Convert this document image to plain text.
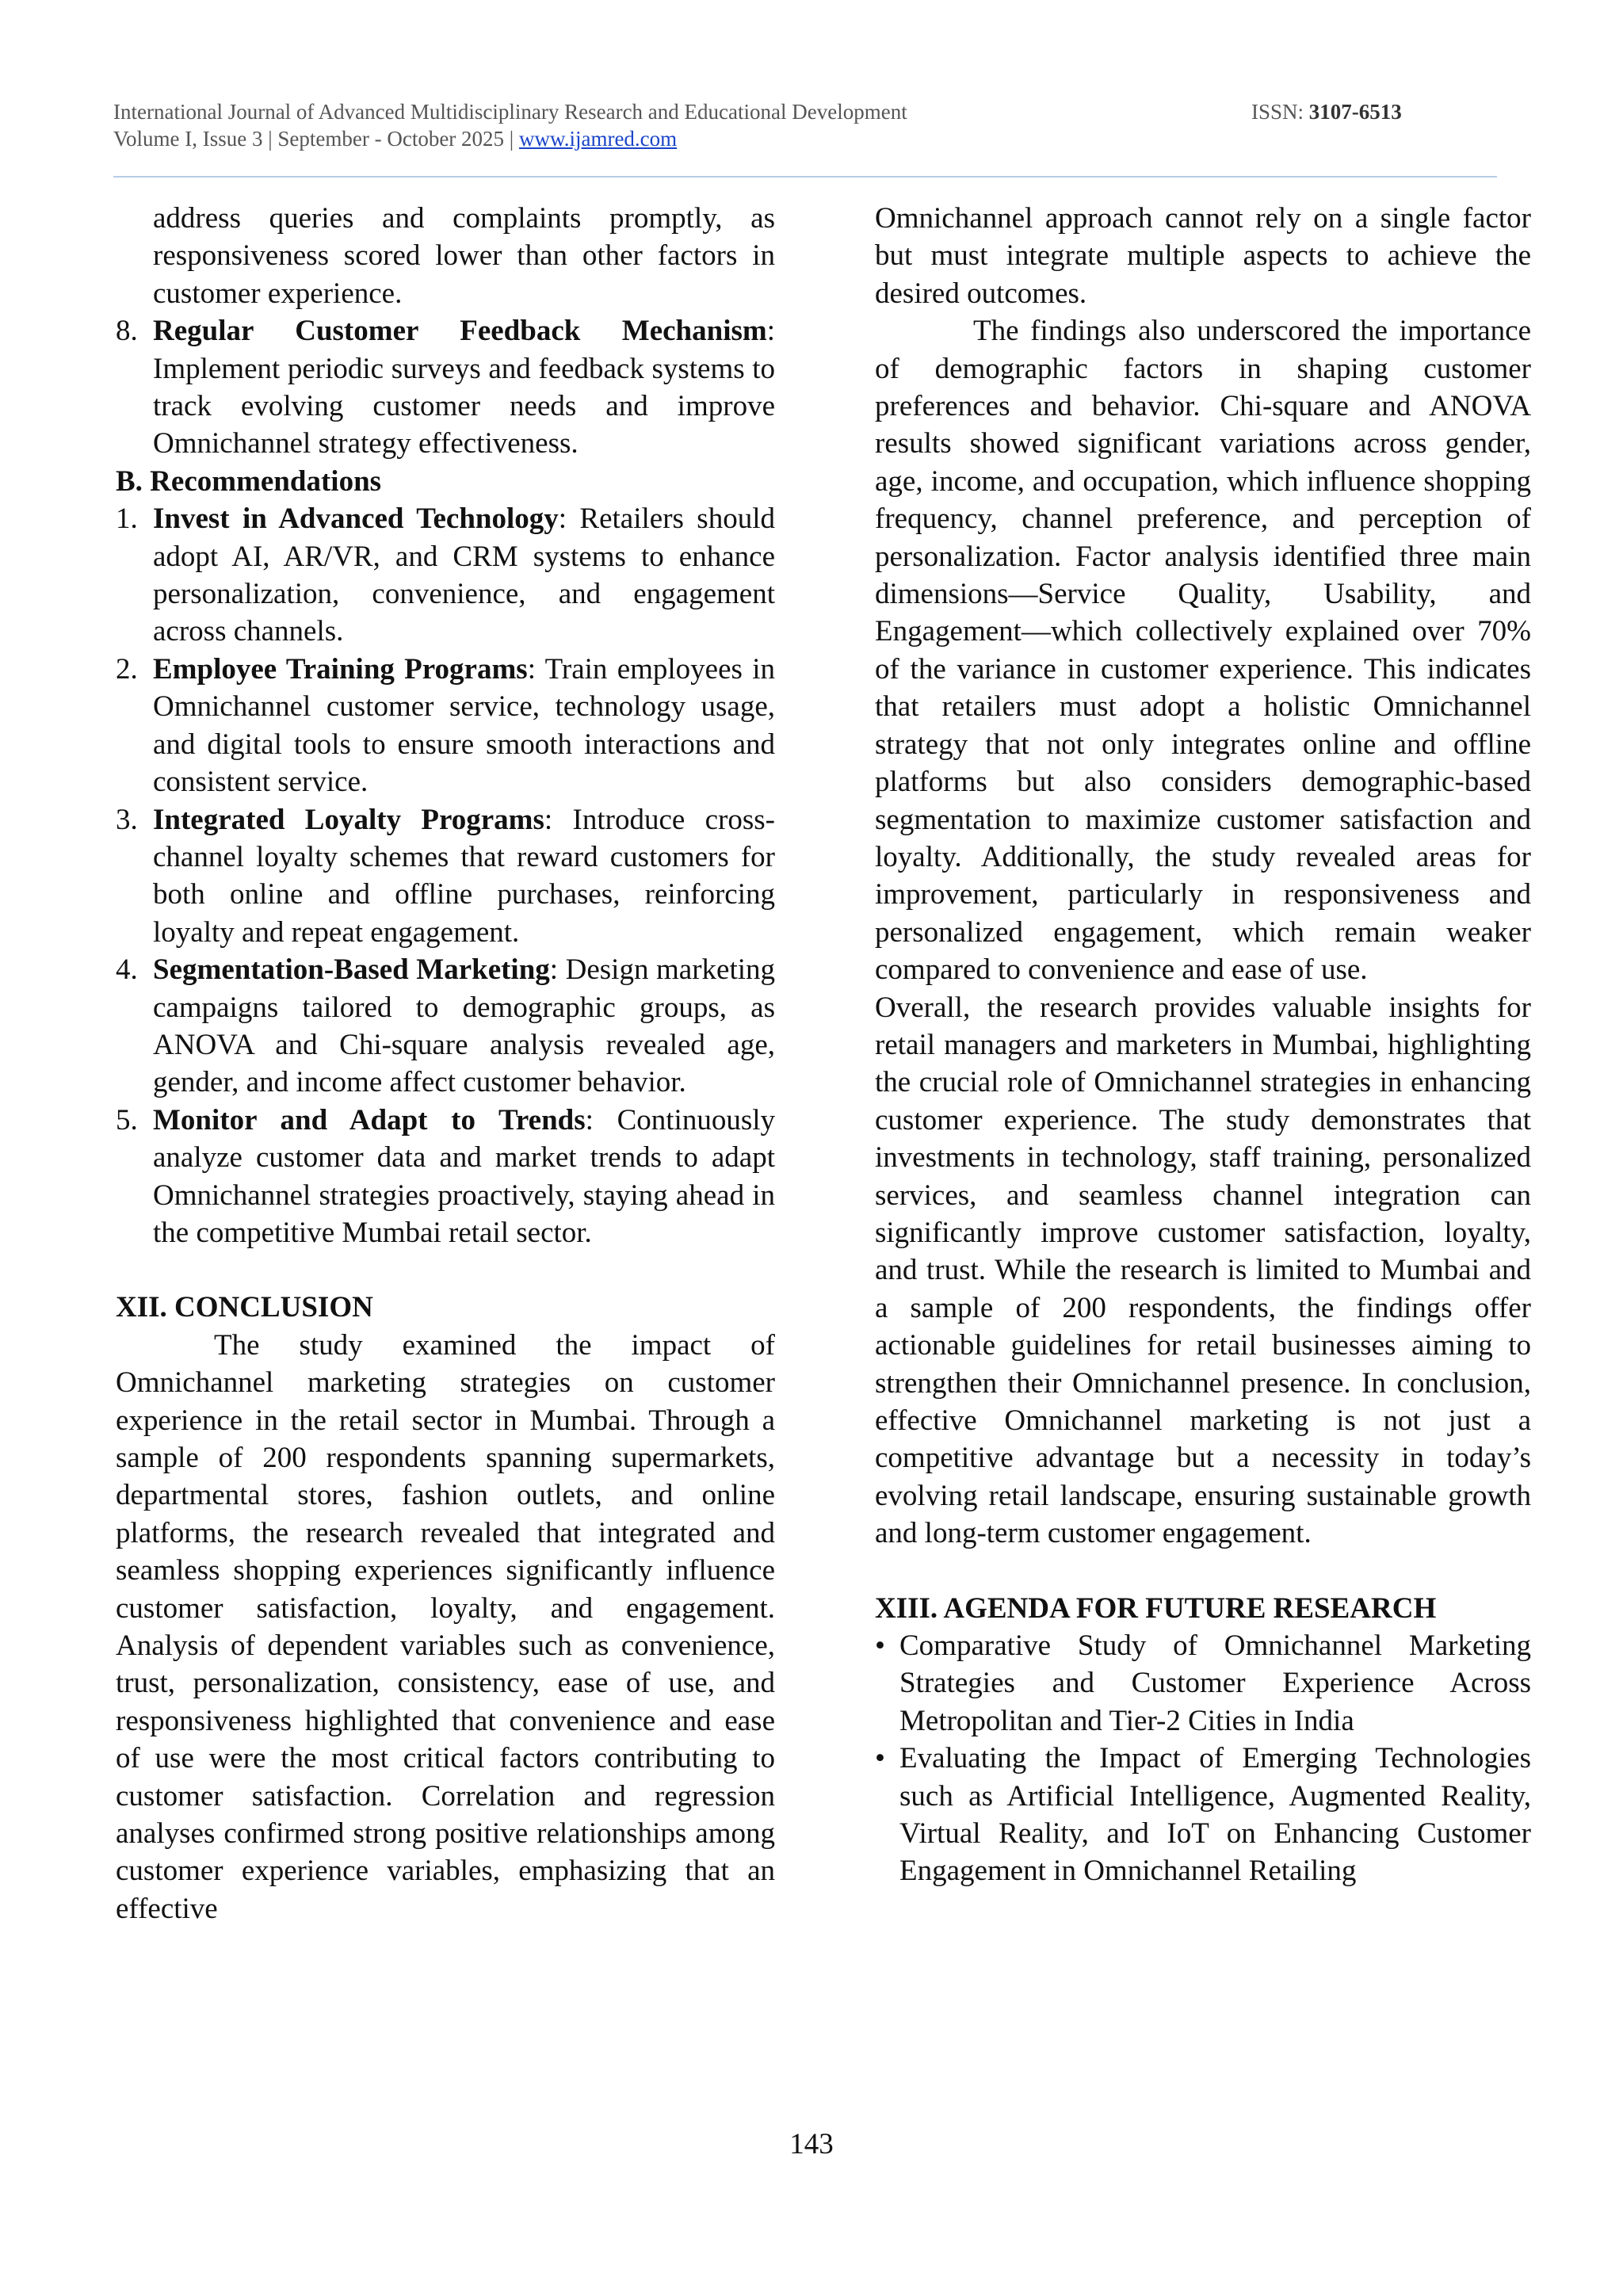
International Journal of Advanced Multidisciplinary Research and Educational Development
Volume I, Issue 3 | September - October 2025 | www.ijamred.com
ISSN: 3107-6513

address queries and complaints promptly, as responsiveness scored lower than other factors in customer experience.

8. Regular Customer Feedback Mechanism: Implement periodic surveys and feedback systems to track evolving customer needs and improve Omnichannel strategy effectiveness.

B. Recommendations

1. Invest in Advanced Technology: Retailers should adopt AI, AR/VR, and CRM systems to enhance personalization, convenience, and engagement across channels.

2. Employee Training Programs: Train employees in Omnichannel customer service, technology usage, and digital tools to ensure smooth interactions and consistent service.

3. Integrated Loyalty Programs: Introduce cross-channel loyalty schemes that reward customers for both online and offline purchases, reinforcing loyalty and repeat engagement.

4. Segmentation-Based Marketing: Design marketing campaigns tailored to demographic groups, as ANOVA and Chi-square analysis revealed age, gender, and income affect customer behavior.

5. Monitor and Adapt to Trends: Continuously analyze customer data and market trends to adapt Omnichannel strategies proactively, staying ahead in the competitive Mumbai retail sector.

XII. CONCLUSION

The study examined the impact of Omnichannel marketing strategies on customer experience in the retail sector in Mumbai. Through a sample of 200 respondents spanning supermarkets, departmental stores, fashion outlets, and online platforms, the research revealed that integrated and seamless shopping experiences significantly influence customer satisfaction, loyalty, and engagement. Analysis of dependent variables such as convenience, trust, personalization, consistency, ease of use, and responsiveness highlighted that convenience and ease of use were the most critical factors contributing to customer satisfaction. Correlation and regression analyses confirmed strong positive relationships among customer experience variables, emphasizing that an effective

Omnichannel approach cannot rely on a single factor but must integrate multiple aspects to achieve the desired outcomes.

The findings also underscored the importance of demographic factors in shaping customer preferences and behavior. Chi-square and ANOVA results showed significant variations across gender, age, income, and occupation, which influence shopping frequency, channel preference, and perception of personalization. Factor analysis identified three main dimensions—Service Quality, Usability, and Engagement—which collectively explained over 70% of the variance in customer experience. This indicates that retailers must adopt a holistic Omnichannel strategy that not only integrates online and offline platforms but also considers demographic-based segmentation to maximize customer satisfaction and loyalty. Additionally, the study revealed areas for improvement, particularly in responsiveness and personalized engagement, which remain weaker compared to convenience and ease of use.

Overall, the research provides valuable insights for retail managers and marketers in Mumbai, highlighting the crucial role of Omnichannel strategies in enhancing customer experience. The study demonstrates that investments in technology, staff training, personalized services, and seamless channel integration can significantly improve customer satisfaction, loyalty, and trust. While the research is limited to Mumbai and a sample of 200 respondents, the findings offer actionable guidelines for retail businesses aiming to strengthen their Omnichannel presence. In conclusion, effective Omnichannel marketing is not just a competitive advantage but a necessity in today’s evolving retail landscape, ensuring sustainable growth and long-term customer engagement.

XIII. AGENDA FOR FUTURE RESEARCH

• Comparative Study of Omnichannel Marketing Strategies and Customer Experience Across Metropolitan and Tier-2 Cities in India

• Evaluating the Impact of Emerging Technologies such as Artificial Intelligence, Augmented Reality, Virtual Reality, and IoT on Enhancing Customer Engagement in Omnichannel Retailing

143
